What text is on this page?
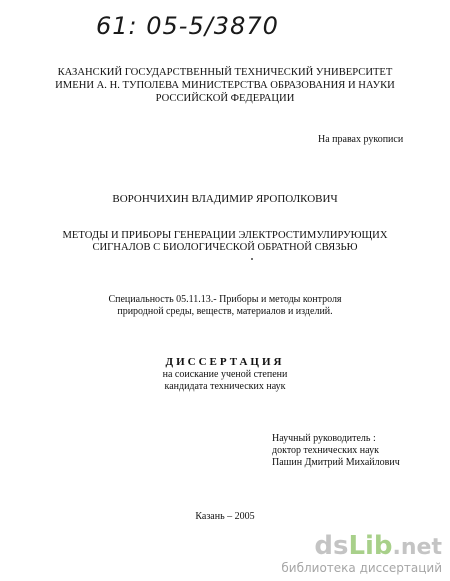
61: 05-5/3870
КАЗАНСКИЙ ГОСУДАРСТВЕННЫЙ ТЕХНИЧЕСКИЙ УНИВЕРСИТЕТ
ИМЕНИ А. Н. ТУПОЛЕВА МИНИСТЕРСТВА ОБРАЗОВАНИЯ И НАУКИ
РОССИЙСКОЙ ФЕДЕРАЦИИ
На правах рукописи
ВОРОНЧИХИН ВЛАДИМИР ЯРОПОЛКОВИЧ
МЕТОДЫ И ПРИБОРЫ ГЕНЕРАЦИИ ЭЛЕКТРОСТИМУЛИРУЮЩИХ
СИГНАЛОВ С БИОЛОГИЧЕСКОЙ ОБРАТНОЙ СВЯЗЬЮ
Специальность 05.11.13.- Приборы и методы контроля
природной среды, веществ, материалов и изделий.
ДИССЕРТАЦИЯ
на соискание ученой степени
кандидата технических наук
Научный руководитель :
доктор технических наук
Пашин Дмитрий Михайлович
Казань – 2005
dsLib.net
библиотека диссертаций
